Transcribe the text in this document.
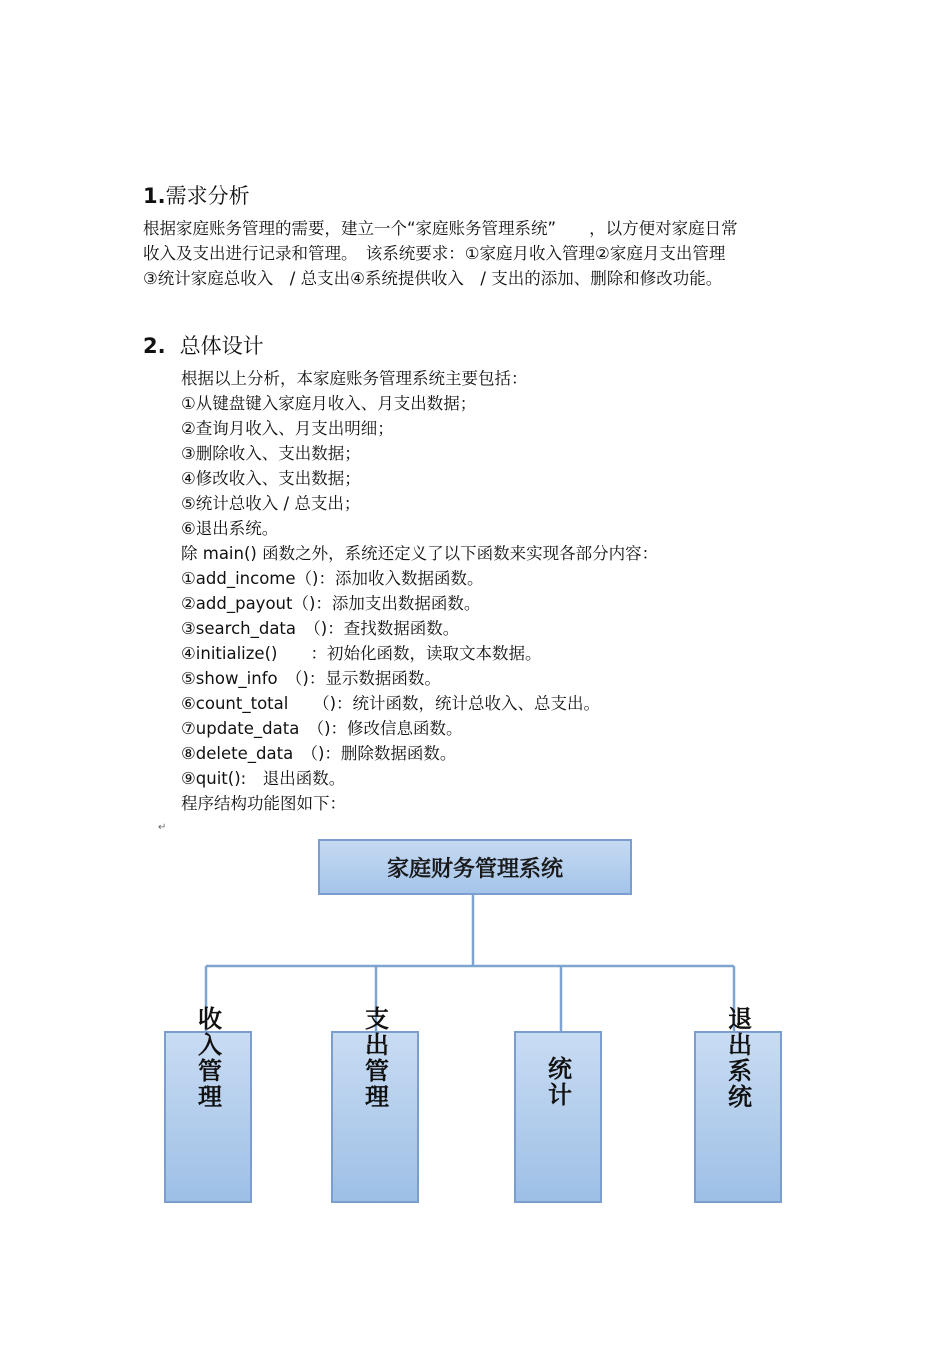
1.需求分析
根据家庭账务管理的需要，建立一个“家庭账务管理系统”　　，以方便对家庭日常
收入及支出进行记录和管理。　该系统要求：①家庭月收入管理②家庭月支出管理
③统计家庭总收入　/ 总支出④系统提供收入　/ 支出的添加、删除和修改功能。
2. 总体设计
根据以上分析，本家庭账务管理系统主要包括：
①从键盘键入家庭月收入、月支出数据；
②查询月收入、月支出明细；
③删除收入、支出数据；
④修改收入、支出数据；
⑤统计总收入 / 总支出；
⑥退出系统。
除 main() 函数之外，系统还定义了以下函数来实现各部分内容：
①add_income（)：添加收入数据函数。
②add_payout（)：添加支出数据函数。
③search_data　（)：查找数据函数。
④initialize()　　：初始化函数，读取文本数据。
⑤show_info　（)：显示数据函数。
⑥count_total　　（)：统计函数，统计总收入、总支出。
⑦update_data　（)：修改信息函数。
⑧delete_data　（)：删除数据函数。
⑨quit():　退出函数。
程序结构功能图如下：
↵
家庭财务管理系统
收入管理	支出管理	统计	退出系统
